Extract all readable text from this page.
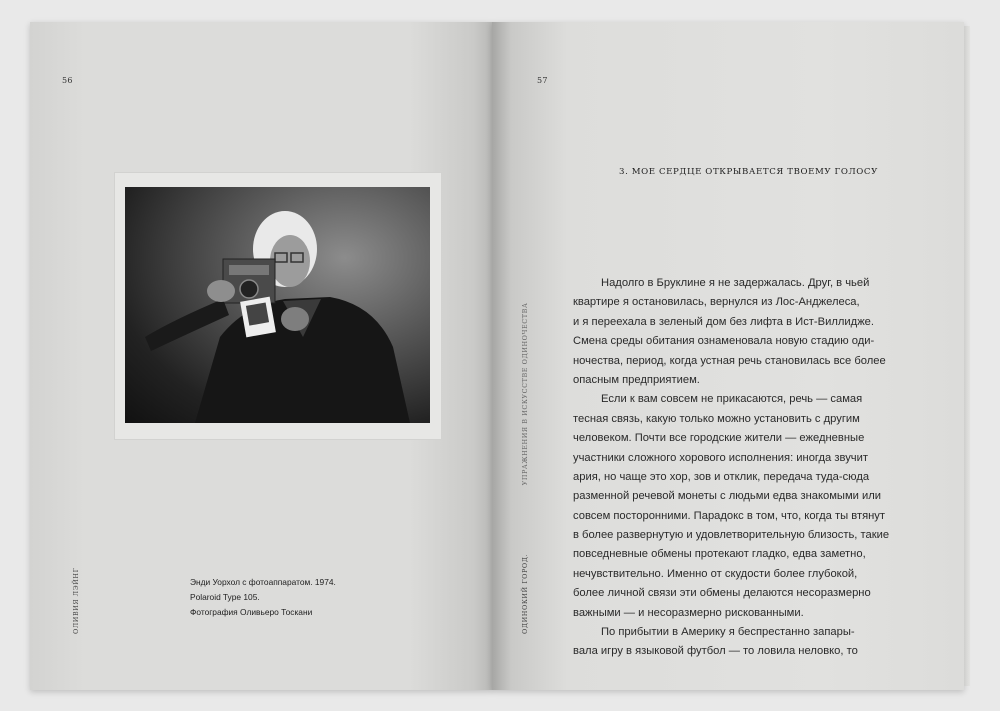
56
Энди Уорхол с фотоаппаратом. 1974.
Polaroid Type 105.
Фотография Оливьеро Тоскани
ОЛИВИЯ ЛЭЙНГ
57
ОДИНОКИЙ ГОРОД.                          УПРАЖНЕНИЯ В ИСКУССТВЕ ОДИНОЧЕСТВА
3. МОЕ СЕРДЦЕ ОТКРЫВАЕТСЯ ТВОЕМУ ГОЛОСУ
Надолго в Бруклине я не задержалась. Друг, в чьей
квартире я остановилась, вернулся из Лос-Анджелеса,
и я переехала в зеленый дом без лифта в Ист-Виллидже.
Смена среды обитания ознаменовала новую стадию оди-
ночества, период, когда устная речь становилась все более
опасным предприятием.
Если к вам совсем не прикасаются, речь — самая
тесная связь, какую только можно установить с другим
человеком. Почти все городские жители — ежедневные
участники сложного хорового исполнения: иногда звучит
ария, но чаще это хор, зов и отклик, передача туда-сюда
разменной речевой монеты с людьми едва знакомыми или
совсем посторонними. Парадокс в том, что, когда ты втянут
в более развернутую и удовлетворительную близость, такие
повседневные обмены протекают гладко, едва заметно,
нечувствительно. Именно от скудости более глубокой,
более личной связи эти обмены делаются несоразмерно
важными — и несоразмерно рискованными.
По прибытии в Америку я беспрестанно запары-
вала игру в языковой футбол — то ловила неловко, то
